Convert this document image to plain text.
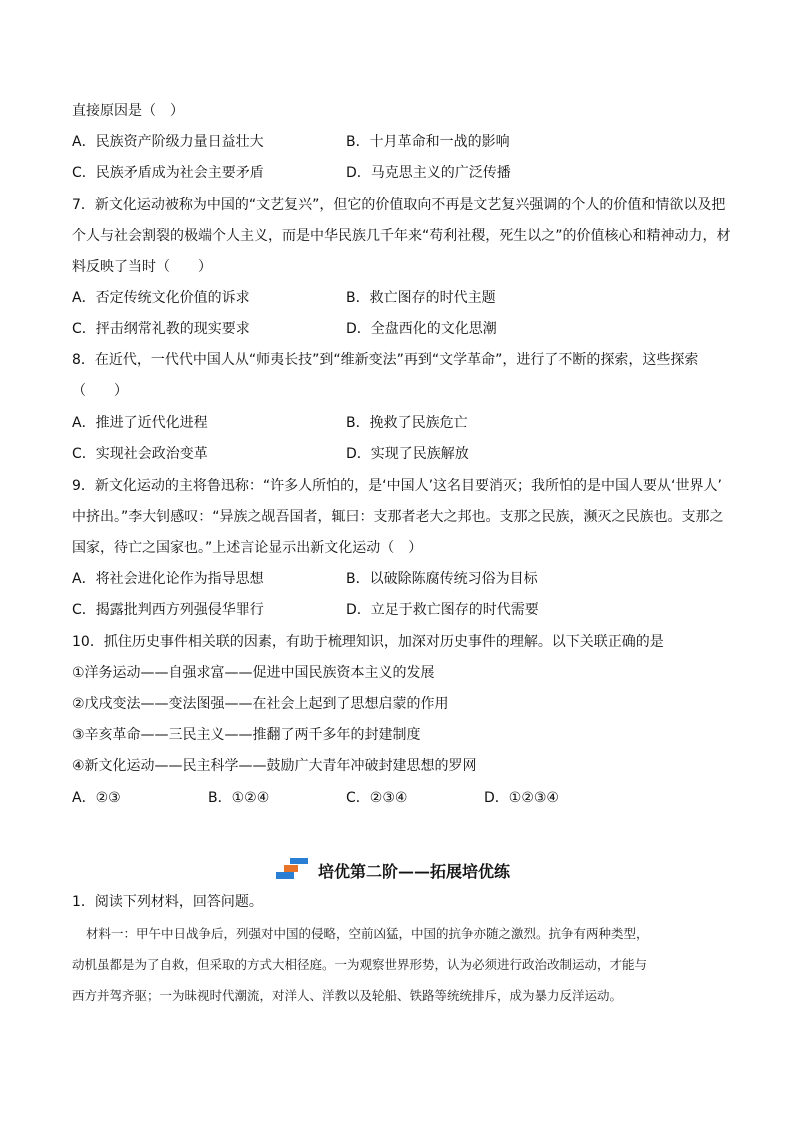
直接原因是（　）
A．民族资产阶级力量日益壮大	B．十月革命和一战的影响
C．民族矛盾成为社会主要矛盾	D．马克思主义的广泛传播
7．新文化运动被称为中国的“文艺复兴”，但它的价值取向不再是文艺复兴强调的个人的价值和情欲以及把
个人与社会割裂的极端个人主义，而是中华民族几千年来“苟利社稷，死生以之”的价值核心和精神动力，材
料反映了当时（　　）
A．否定传统文化价值的诉求	B．救亡图存的时代主题
C．抨击纲常礼教的现实要求	D．全盘西化的文化思潮
8．在近代，一代代中国人从“师夷长技”到“维新变法”再到“文学革命”，进行了不断的探索，这些探索
（　　）
A．推进了近代化进程	B．挽救了民族危亡
C．实现社会政治变革	D．实现了民族解放
9．新文化运动的主将鲁迅称：“许多人所怕的，是‘中国人’这名目要消灭；我所怕的是中国人要从‘世界人’
中挤出。”李大钊感叹：“异族之觇吾国者，辄曰：支那者老大之邦也。支那之民族，濒灭之民族也。支那之
国家，待亡之国家也。”上述言论显示出新文化运动（　）
A．将社会进化论作为指导思想	B．以破除陈腐传统习俗为目标
C．揭露批判西方列强侵华罪行	D．立足于救亡图存的时代需要
10．抓住历史事件相关联的因素，有助于梳理知识，加深对历史事件的理解。以下关联正确的是
①洋务运动——自强求富——促进中国民族资本主义的发展
②戊戌变法——变法图强——在社会上起到了思想启蒙的作用
③辛亥革命——三民主义——推翻了两千多年的封建制度
④新文化运动——民主科学——鼓励广大青年冲破封建思想的罗网
A．②③	B．①②④	C．②③④	D．①②③④
培优第二阶——拓展培优练
1．阅读下列材料，回答问题。
材料一：甲午中日战争后，列强对中国的侵略，空前凶猛，中国的抗争亦随之激烈。抗争有两种类型，
动机虽都是为了自救，但采取的方式大相径庭。一为观察世界形势，认为必须进行政治改制运动，才能与
西方并驾齐驱；一为昧视时代潮流，对洋人、洋教以及轮船、铁路等统统排斥，成为暴力反洋运动。
